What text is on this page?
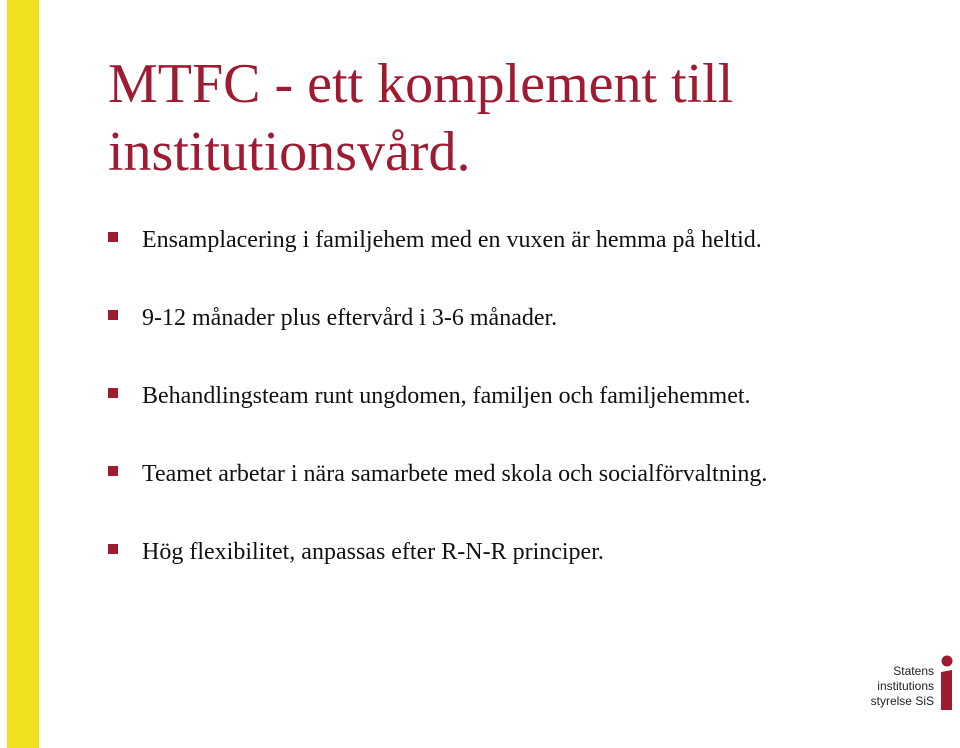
MTFC - ett komplement till institutionsvård.
Ensamplacering i familjehem med en vuxen är hemma på heltid.
9-12 månader plus eftervård i 3-6 månader.
Behandlingsteam runt ungdomen, familjen och familjehemmet.
Teamet arbetar i nära samarbete med skola och socialförvaltning.
Hög flexibilitet, anpassas efter R-N-R principer.
Statens
institutions
styrelse SiS
